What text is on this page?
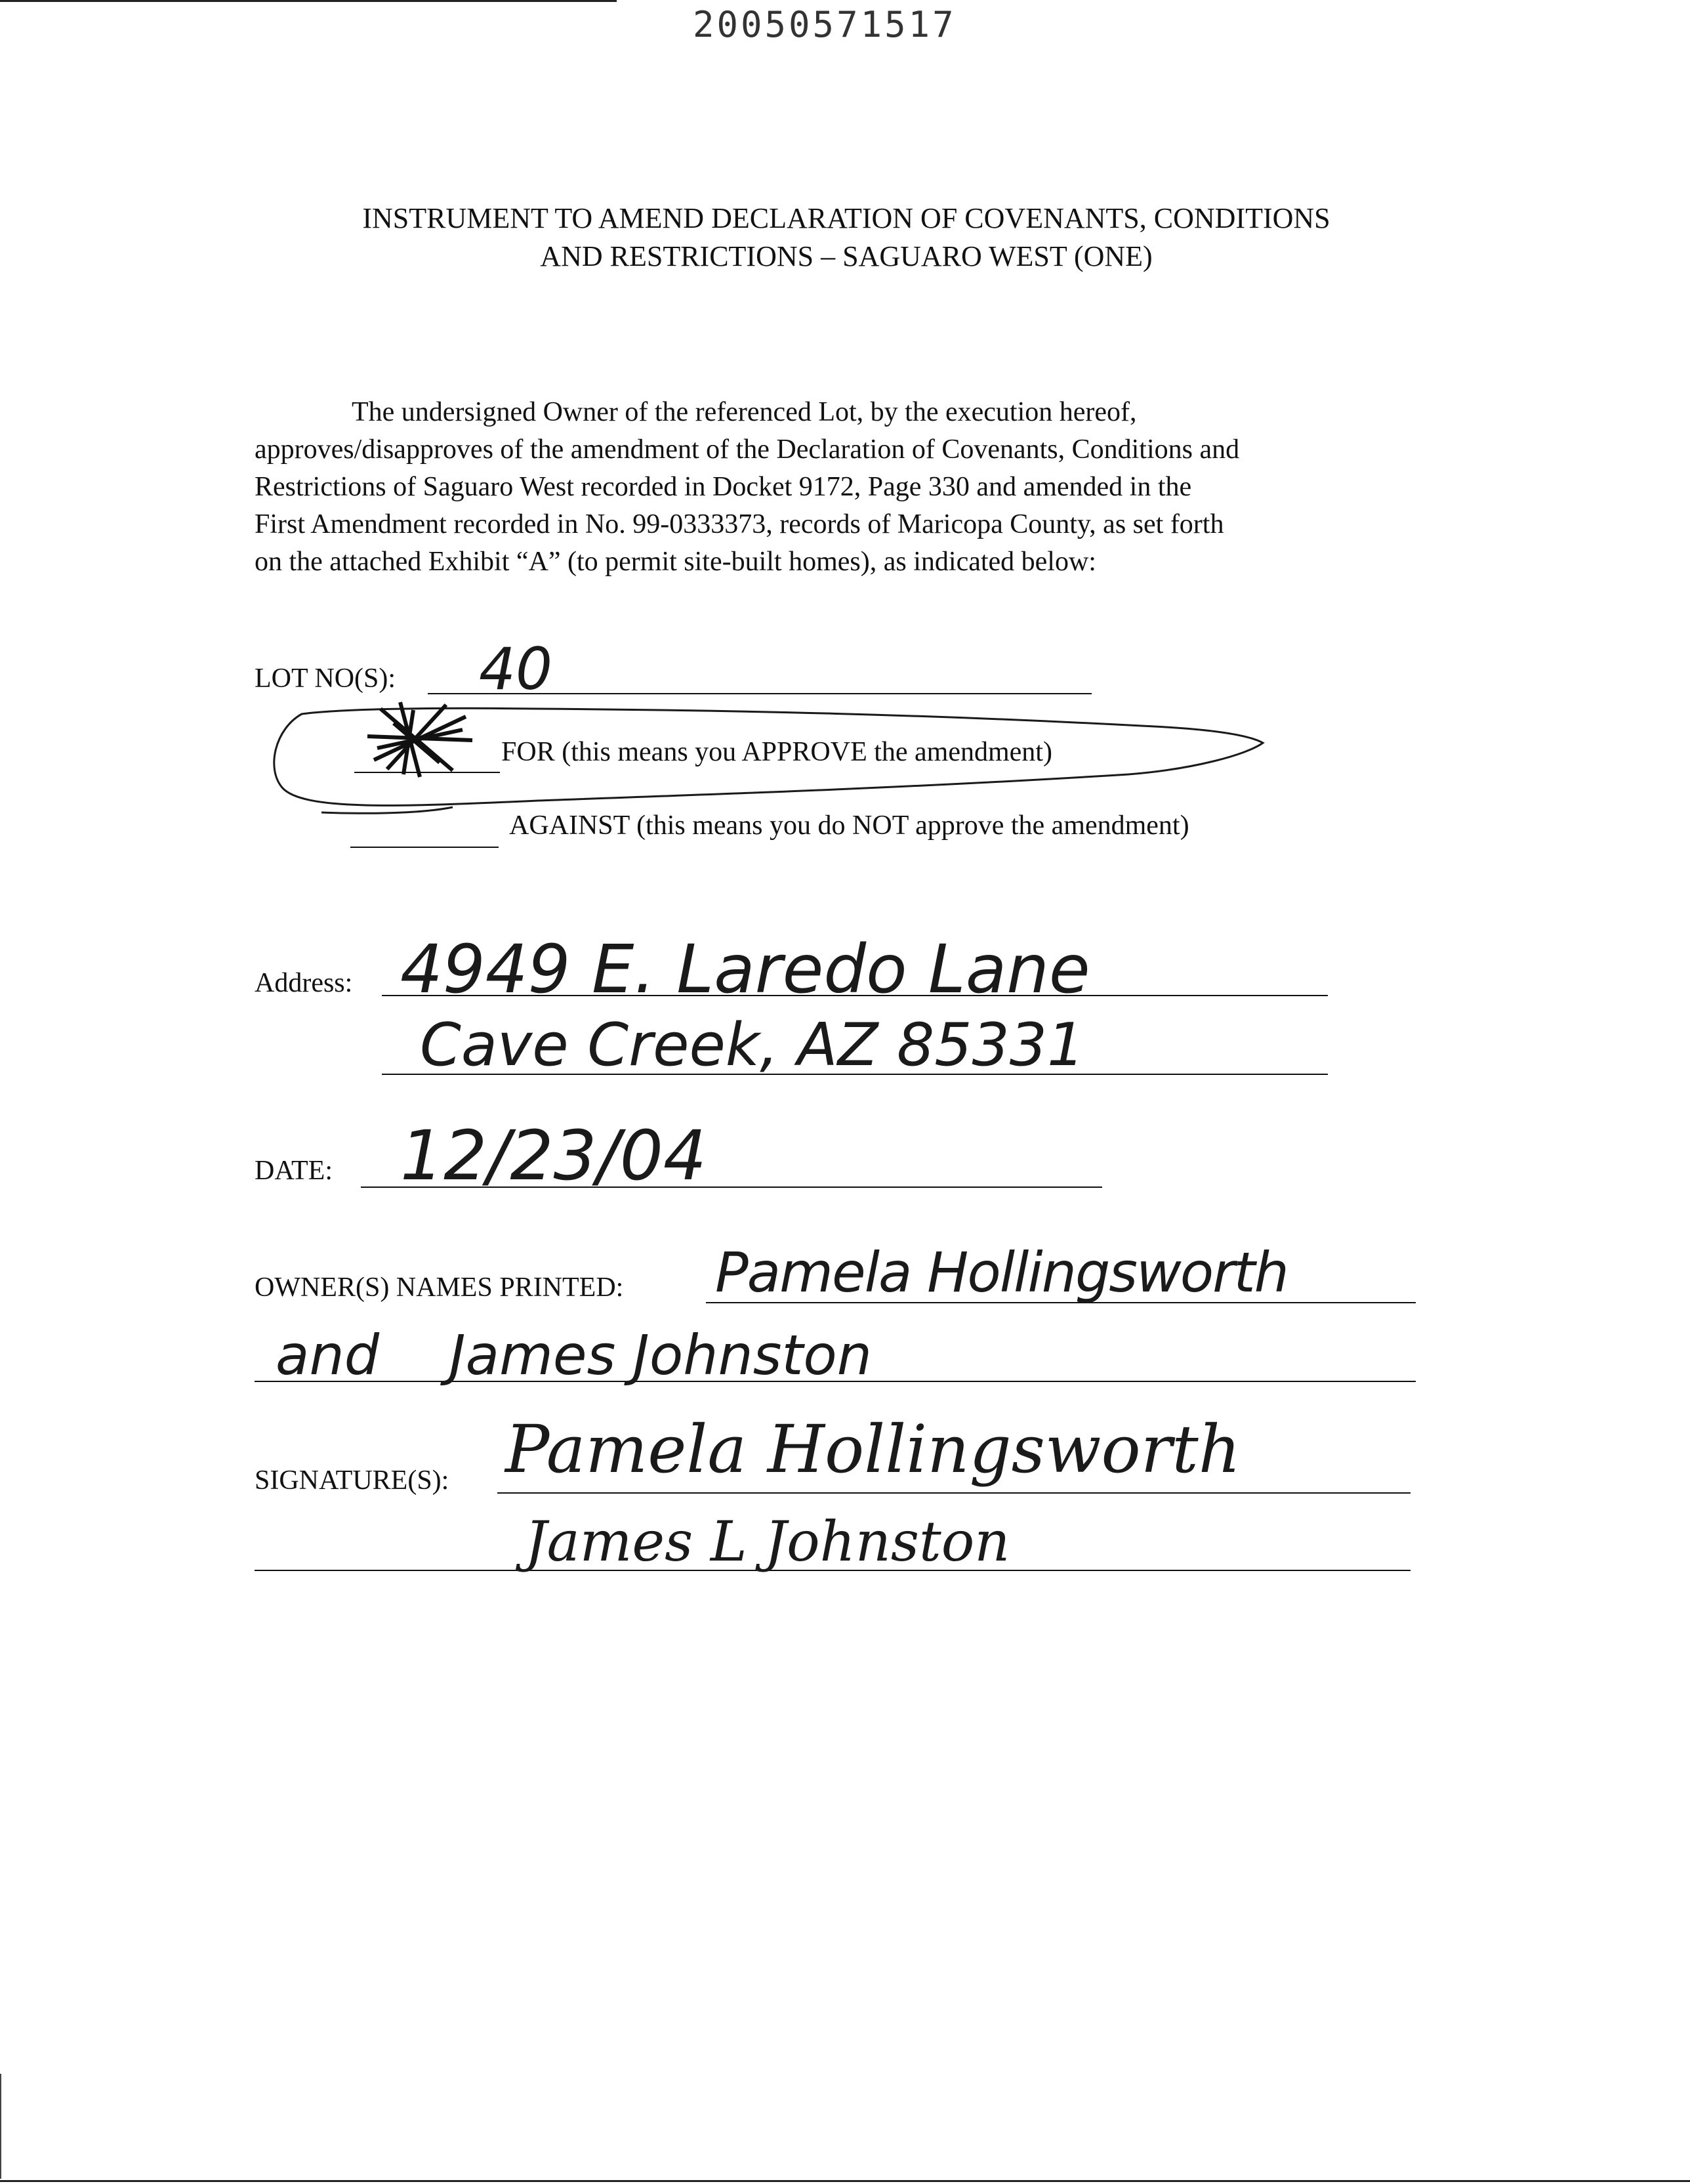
20050571517
INSTRUMENT TO AMEND DECLARATION OF COVENANTS, CONDITIONS
AND RESTRICTIONS – SAGUARO WEST (ONE)
The undersigned Owner of the referenced Lot, by the execution hereof,
approves/disapproves of the amendment of the Declaration of Covenants, Conditions and
Restrictions of Saguaro West recorded in Docket 9172, Page 330 and amended in the
First Amendment recorded in No. 99-0333373, records of Maricopa County, as set forth
on the attached Exhibit “A” (to permit site-built homes), as indicated below:
LOT NO(S): 40
FOR (this means you APPROVE the amendment)
AGAINST (this means you do NOT approve the amendment)
Address: 4949 E. Laredo Lane
Cave Creek, AZ 85331
DATE: 12/23/04
OWNER(S) NAMES PRINTED: Pamela Hollingsworth
and    James Johnston
SIGNATURE(S): Pamela Hollingsworth
James L Johnston
